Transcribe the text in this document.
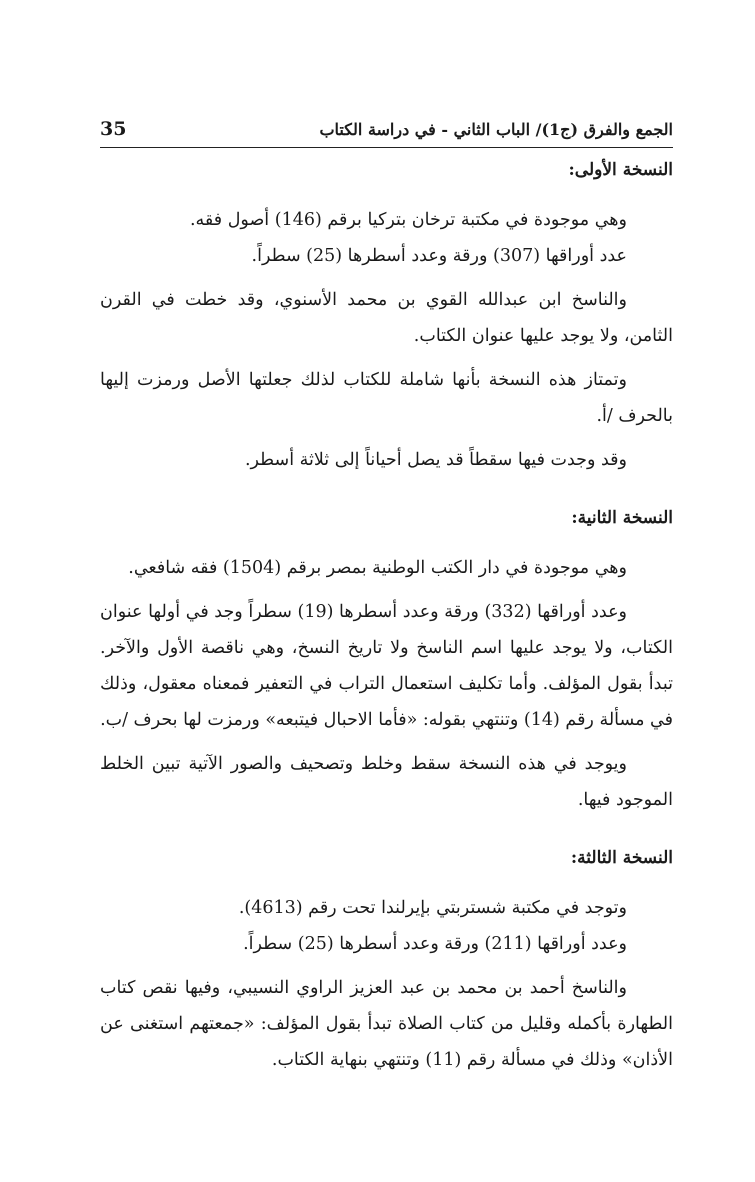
35	الجمع والفرق (ج1)/ الباب الثاني - في دراسة الكتاب

النسخة الأولى:

وهي موجودة في مكتبة ترخان بتركيا برقم (146) أصول فقه.

عدد أوراقها (307) ورقة وعدد أسطرها (25) سطراً.

والناسخ ابن عبدالله القوي بن محمد الأسنوي، وقد خطت في القرن الثامن، ولا يوجد عليها عنوان الكتاب.

وتمتاز هذه النسخة بأنها شاملة للكتاب لذلك جعلتها الأصل ورمزت إليها بالحرف /أ.

وقد وجدت فيها سقطاً قد يصل أحياناً إلى ثلاثة أسطر.

النسخة الثانية:

وهي موجودة في دار الكتب الوطنية بمصر برقم (1504) فقه شافعي.

وعدد أوراقها (332) ورقة وعدد أسطرها (19) سطراً وجد في أولها عنوان الكتاب، ولا يوجد عليها اسم الناسخ ولا تاريخ النسخ، وهي ناقصة الأول والآخر. تبدأ بقول المؤلف. وأما تكليف استعمال التراب في التعفير فمعناه معقول، وذلك في مسألة رقم (14) وتنتهي بقوله: «فأما الاحبال فيتبعه» ورمزت لها بحرف /ب.

ويوجد في هذه النسخة سقط وخلط وتصحيف والصور الآتية تبين الخلط الموجود فيها.

النسخة الثالثة:

وتوجد في مكتبة شستربتي بإيرلندا تحت رقم (4613).

وعدد أوراقها (211) ورقة وعدد أسطرها (25) سطراً.

والناسخ أحمد بن محمد بن عبد العزيز الراوي النسيبي، وفيها نقص كتاب الطهارة بأكمله وقليل من كتاب الصلاة تبدأ بقول المؤلف: «جمعتهم استغنى عن الأذان» وذلك في مسألة رقم (11) وتنتهي بنهاية الكتاب.
